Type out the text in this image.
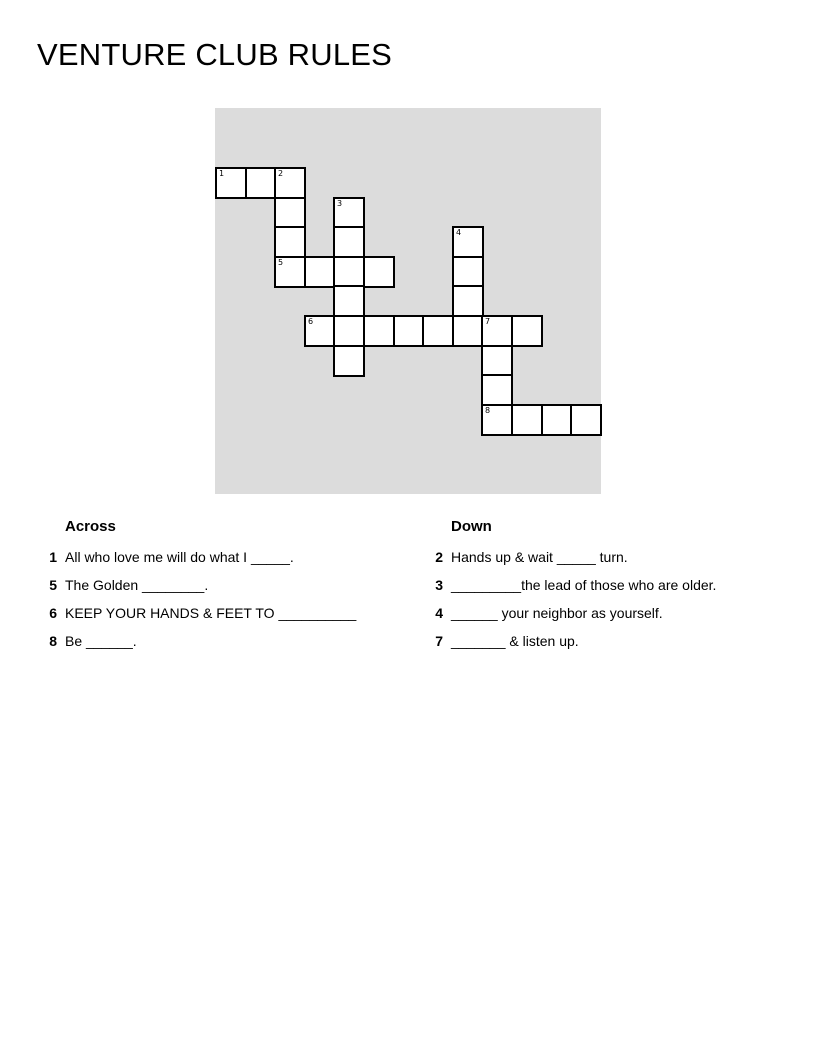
VENTURE CLUB RULES
1	2
3
4
5
6	7
8
Across
1 All who love me will do what I _____.
5 The Golden ________.
6 KEEP YOUR HANDS & FEET TO __________
8 Be ______.
Down
2 Hands up & wait _____ turn.
3 _________the lead of those who are older.
4 ______ your neighbor as yourself.
7 _______ & listen up.
